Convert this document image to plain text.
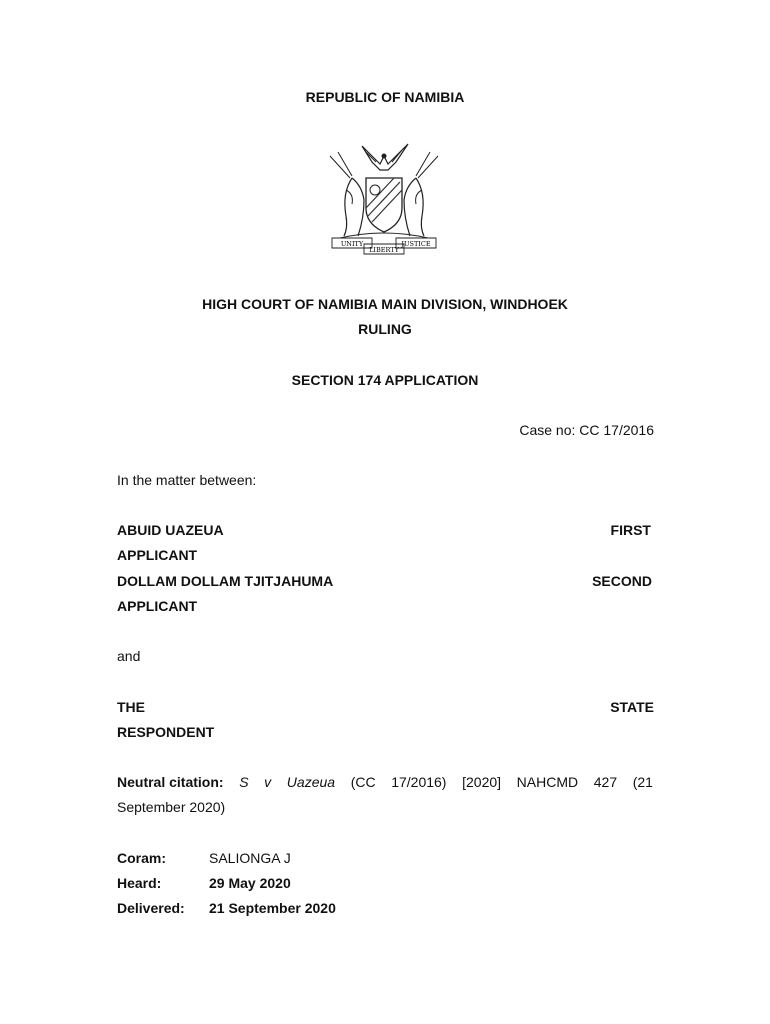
REPUBLIC OF NAMIBIA
UNITY	JUSTICE
LIBERTY
HIGH COURT OF NAMIBIA MAIN DIVISION, WINDHOEK
RULING
SECTION 174 APPLICATION
Case no: CC 17/2016
In the matter between:
ABUID UAZEUA	FIRST
APPLICANT
DOLLAM DOLLAM TJITJAHUMA	SECOND
APPLICANT
and
THE	STATE
RESPONDENT
Neutral citation: S v Uazeua (CC 17/2016) [2020] NAHCMD 427 (21
September 2020)
Coram:	SALIONGA J
Heard:	29 May 2020
Delivered: 21 September 2020
